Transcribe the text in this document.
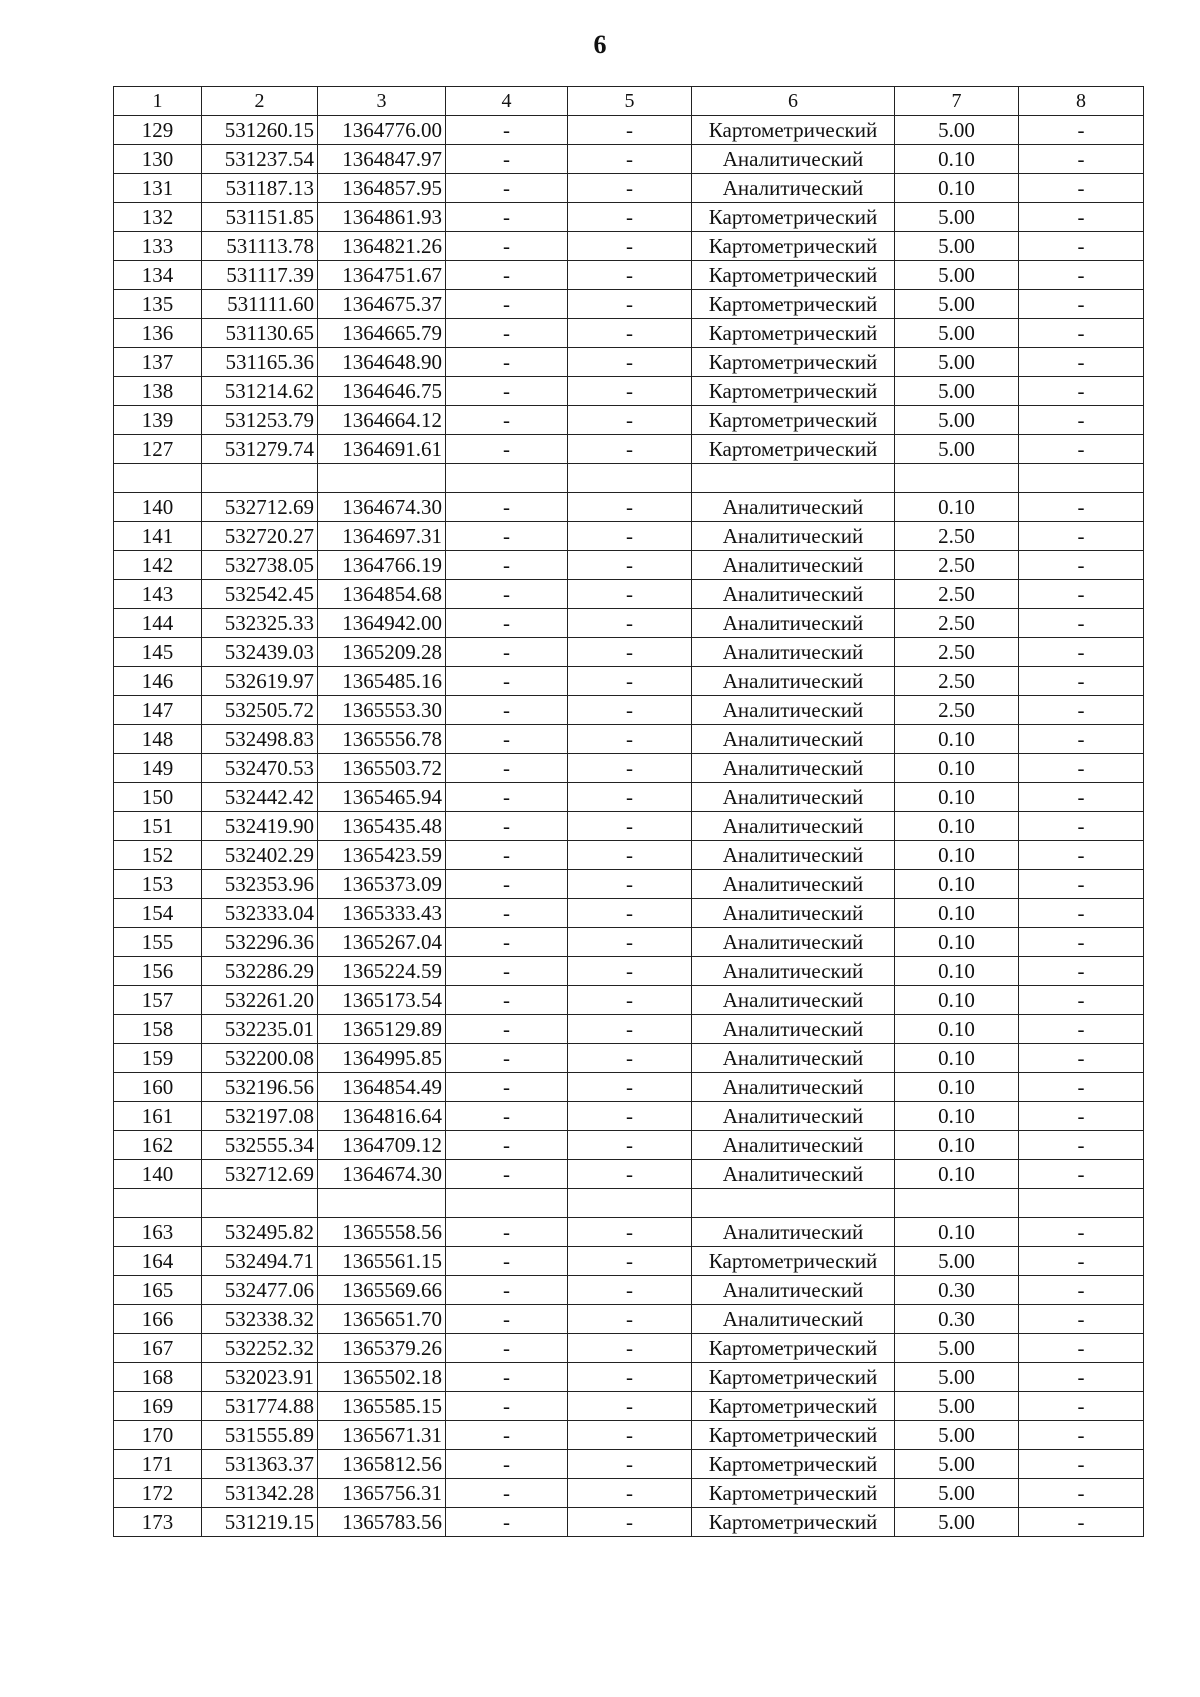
6
1	2	3	4	5	6	7	8
129	531260.15	1364776.00	-	-	Картометрический	5.00	-
130	531237.54	1364847.97	-	-	Аналитический	0.10	-
131	531187.13	1364857.95	-	-	Аналитический	0.10	-
132	531151.85	1364861.93	-	-	Картометрический	5.00	-
133	531113.78	1364821.26	-	-	Картометрический	5.00	-
134	531117.39	1364751.67	-	-	Картометрический	5.00	-
135	531111.60	1364675.37	-	-	Картометрический	5.00	-
136	531130.65	1364665.79	-	-	Картометрический	5.00	-
137	531165.36	1364648.90	-	-	Картометрический	5.00	-
138	531214.62	1364646.75	-	-	Картометрический	5.00	-
139	531253.79	1364664.12	-	-	Картометрический	5.00	-
127	531279.74	1364691.61	-	-	Картометрический	5.00	-

140	532712.69	1364674.30	-	-	Аналитический	0.10	-
141	532720.27	1364697.31	-	-	Аналитический	2.50	-
142	532738.05	1364766.19	-	-	Аналитический	2.50	-
143	532542.45	1364854.68	-	-	Аналитический	2.50	-
144	532325.33	1364942.00	-	-	Аналитический	2.50	-
145	532439.03	1365209.28	-	-	Аналитический	2.50	-
146	532619.97	1365485.16	-	-	Аналитический	2.50	-
147	532505.72	1365553.30	-	-	Аналитический	2.50	-
148	532498.83	1365556.78	-	-	Аналитический	0.10	-
149	532470.53	1365503.72	-	-	Аналитический	0.10	-
150	532442.42	1365465.94	-	-	Аналитический	0.10	-
151	532419.90	1365435.48	-	-	Аналитический	0.10	-
152	532402.29	1365423.59	-	-	Аналитический	0.10	-
153	532353.96	1365373.09	-	-	Аналитический	0.10	-
154	532333.04	1365333.43	-	-	Аналитический	0.10	-
155	532296.36	1365267.04	-	-	Аналитический	0.10	-
156	532286.29	1365224.59	-	-	Аналитический	0.10	-
157	532261.20	1365173.54	-	-	Аналитический	0.10	-
158	532235.01	1365129.89	-	-	Аналитический	0.10	-
159	532200.08	1364995.85	-	-	Аналитический	0.10	-
160	532196.56	1364854.49	-	-	Аналитический	0.10	-
161	532197.08	1364816.64	-	-	Аналитический	0.10	-
162	532555.34	1364709.12	-	-	Аналитический	0.10	-
140	532712.69	1364674.30	-	-	Аналитический	0.10	-

163	532495.82	1365558.56	-	-	Аналитический	0.10	-
164	532494.71	1365561.15	-	-	Картометрический	5.00	-
165	532477.06	1365569.66	-	-	Аналитический	0.30	-
166	532338.32	1365651.70	-	-	Аналитический	0.30	-
167	532252.32	1365379.26	-	-	Картометрический	5.00	-
168	532023.91	1365502.18	-	-	Картометрический	5.00	-
169	531774.88	1365585.15	-	-	Картометрический	5.00	-
170	531555.89	1365671.31	-	-	Картометрический	5.00	-
171	531363.37	1365812.56	-	-	Картометрический	5.00	-
172	531342.28	1365756.31	-	-	Картометрический	5.00	-
173	531219.15	1365783.56	-	-	Картометрический	5.00	-
